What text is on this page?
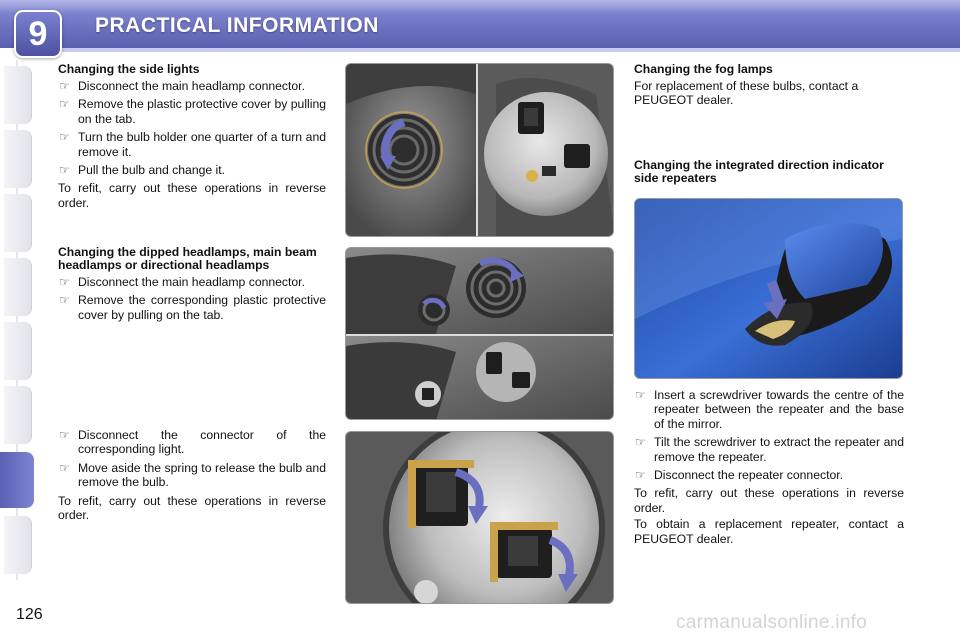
9	PRACTICAL INFORMATION
Changing the side lights
☞ Disconnect the main headlamp connector.
☞ Remove the plastic protective cover by pulling on the tab.
☞ Turn the bulb holder one quarter of a turn and remove it.
☞ Pull the bulb and change it.

To refit, carry out these operations in reverse order.

Changing the dipped headlamps, main beam headlamps or directional headlamps
☞ Disconnect the main headlamp connector.
☞ Remove the corresponding plastic protective cover by pulling on the tab.
☞ Disconnect the connector of the corresponding light.
☞ Move aside the spring to release the bulb and remove the bulb.

To refit, carry out these operations in reverse order.

Changing the fog lamps

For replacement of these bulbs, contact a PEUGEOT dealer.

Changing the integrated direction indicator side repeaters
☞ Insert a screwdriver towards the centre of the repeater between the repeater and the base of the mirror.
☞ Tilt the screwdriver to extract the repeater and remove the repeater.
☞ Disconnect the repeater connector.

To refit, carry out these operations in reverse order.

To obtain a replacement repeater, contact a PEUGEOT dealer.

126	carmanualsonline.info
